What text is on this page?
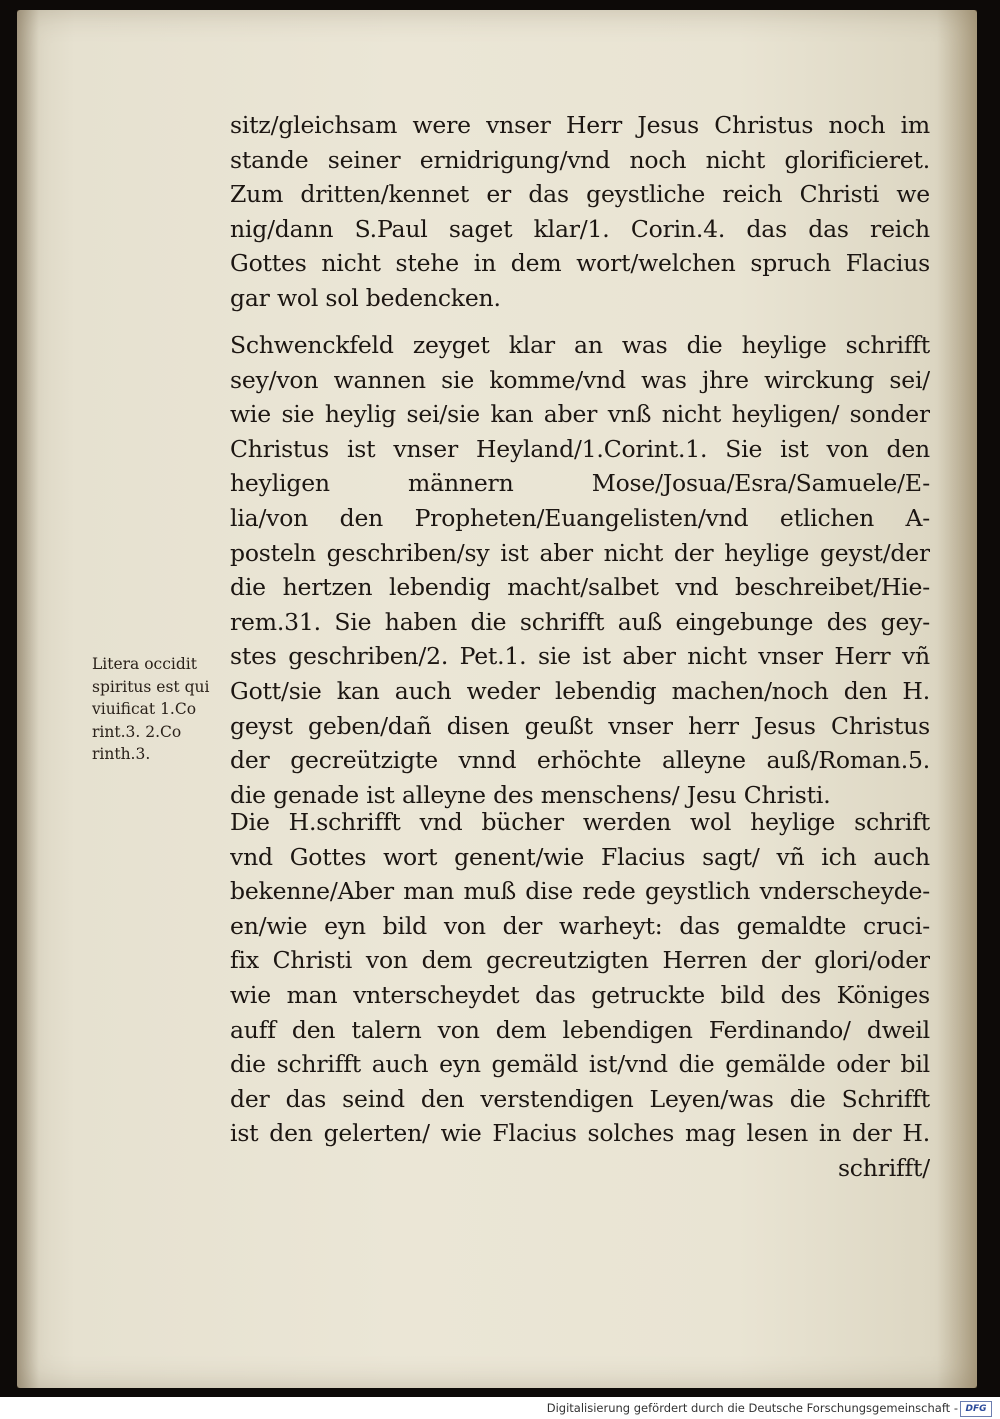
sitz/gleichsam were vnser Herr Jesus Christus noch im
stande seiner ernidrigung/vnd noch nicht glorificieret.
Zum dritten/kennet er das geystliche reich Christi we
nig/dann S.Paul saget klar/1. Corin.4. das das reich
Gottes nicht stehe in dem wort/welchen spruch Flacius
gar wol sol bedencken.
Schwenckfeld zeyget klar an was die heylige schrifft
sey/von wannen sie komme/vnd was jhre wirckung sei/
wie sie heylig sei/sie kan aber vnß nicht heyligen/ sonder
Christus ist vnser Heyland/1.Corint.1. Sie ist von den
heyligen männern Mose/Josua/Esra/Samuele/E-
lia/von den Propheten/Euangelisten/vnd etlichen A-
posteln geschriben/sy ist aber nicht der heylige geyst/der
die hertzen lebendig macht/salbet vnd beschreibet/Hie-
rem.31. Sie haben die schrifft auß eingebunge des gey-
stes geschriben/2. Pet.1. sie ist aber nicht vnser Herr vñ
Gott/sie kan auch weder lebendig machen/noch den H.
geyst geben/dañ disen geußt vnser herr Jesus Christus
der gecreützigte vnnd erhöchte alleyne auß/Roman.5.
die genade ist alleyne des menschens/ Jesu Christi.
Litera occidit
spiritus est qui
viuificat 1.Co
rint.3. 2.Co
rinth.3.
Die H.schrifft vnd bücher werden wol heylige schrift
vnd Gottes wort genent/wie Flacius sagt/ vñ ich auch
bekenne/Aber man muß dise rede geystlich vnderscheyde-
en/wie eyn bild von der warheyt: das gemaldte cruci-
fix Christi von dem gecreutzigten Herren der glori/oder
wie man vnterscheydet das getruckte bild des Königes
auff den talern von dem lebendigen Ferdinando/ dweil
die schrifft auch eyn gemäld ist/vnd die gemälde oder bil
der das seind den verstendigen Leyen/was die Schrifft
ist den gelerten/ wie Flacius solches mag lesen in der H.
schrifft/
Digitalisierung gefördert durch die Deutsche Forschungsgemeinschaft - DFG
